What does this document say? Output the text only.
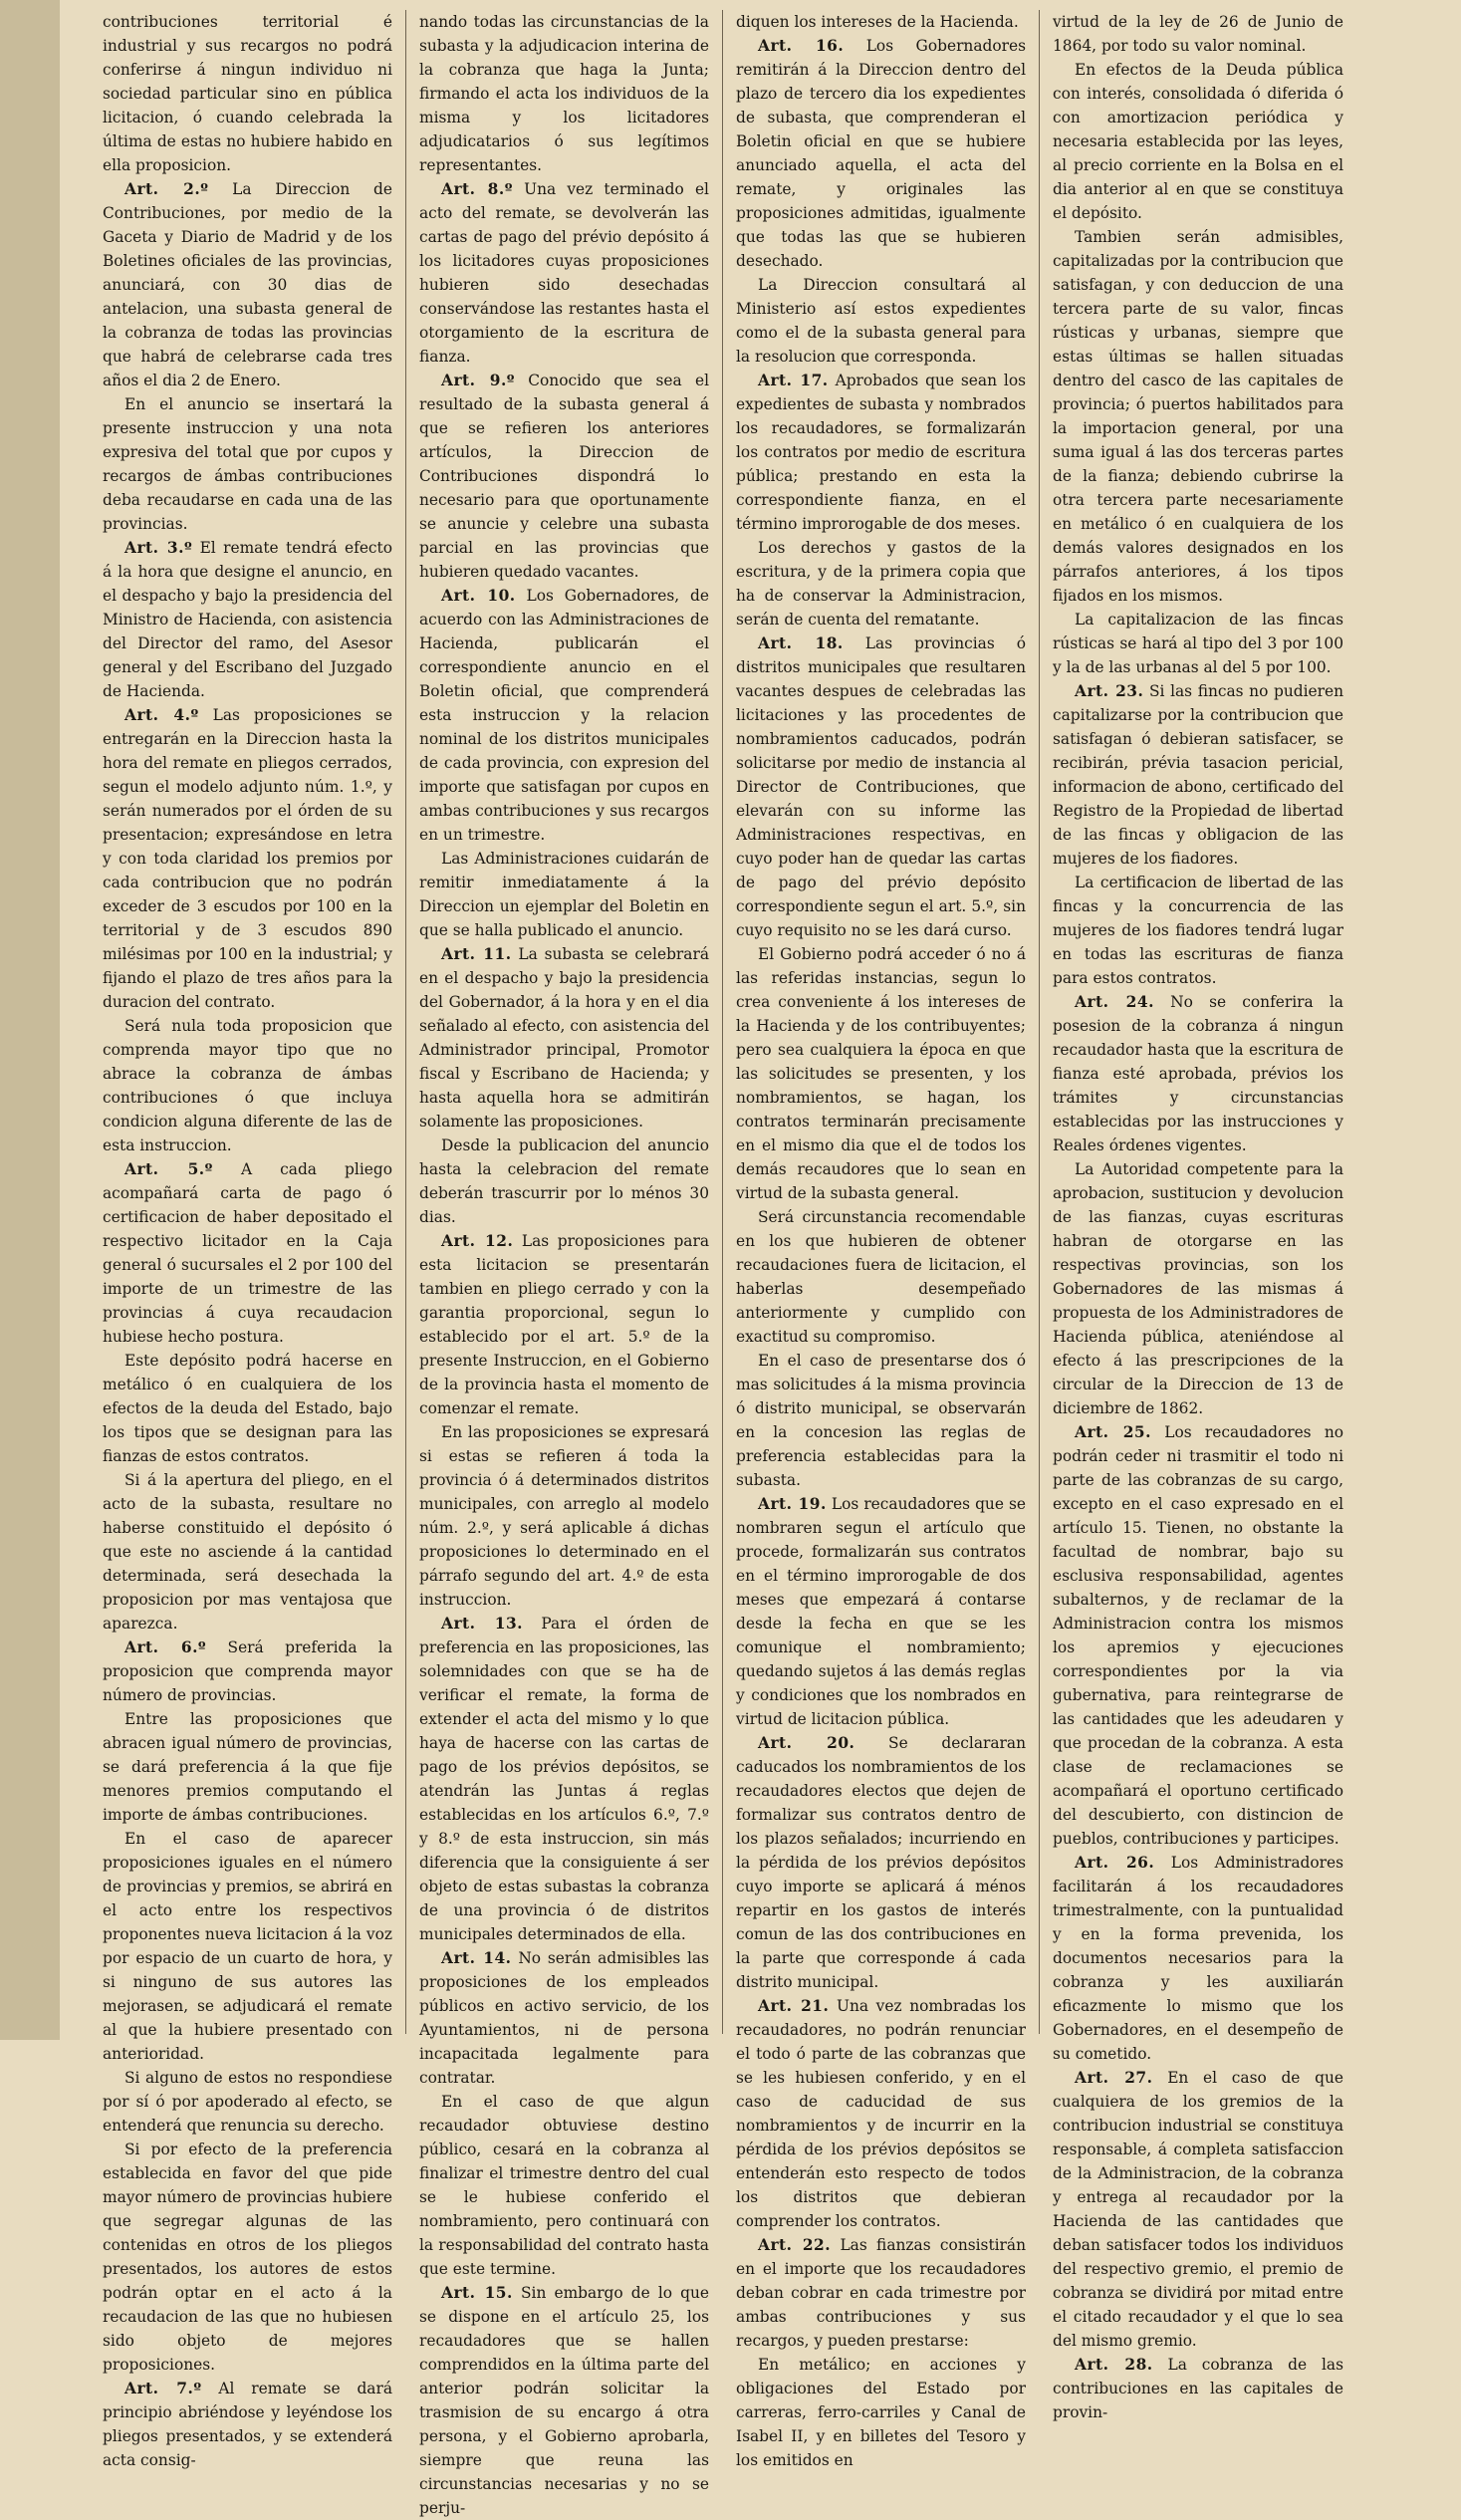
contribuciones territorial é industrial y sus recargos no podrá conferirse á ningun individuo ni sociedad particular sino en pública licitacion, ó cuando celebrada la última de estas no hubiere habido en ella proposicion.

Art. 2.º La Direccion de Contribuciones, por medio de la Gaceta y Diario de Madrid y de los Boletines oficiales de las provincias, anunciará, con 30 dias de antelacion, una subasta general de la cobranza de todas las provincias que habrá de celebrarse cada tres años el dia 2 de Enero.

En el anuncio se insertará la presente instruccion y una nota expresiva del total que por cupos y recargos de ámbas contribuciones deba recaudarse en cada una de las provincias.

Art. 3.º El remate tendrá efecto á la hora que designe el anuncio, en el despacho y bajo la presidencia del Ministro de Hacienda, con asistencia del Director del ramo, del Asesor general y del Escribano del Juzgado de Hacienda.

Art. 4.º Las proposiciones se entregarán en la Direccion hasta la hora del remate en pliegos cerrados, segun el modelo adjunto núm. 1.º, y serán numerados por el órden de su presentacion; expresándose en letra y con toda claridad los premios por cada contribucion que no podrán exceder de 3 escudos por 100 en la territorial y de 3 escudos 890 milésimas por 100 en la industrial; y fijando el plazo de tres años para la duracion del contrato.

Será nula toda proposicion que comprenda mayor tipo que no abrace la cobranza de ámbas contribuciones ó que incluya condicion alguna diferente de las de esta instruccion.

Art. 5.º A cada pliego acompañará carta de pago ó certificacion de haber depositado el respectivo licitador en la Caja general ó sucursales el 2 por 100 del importe de un trimestre de las provincias á cuya recaudacion hubiese hecho postura.

Este depósito podrá hacerse en metálico ó en cualquiera de los efectos de la deuda del Estado, bajo los tipos que se designan para las fianzas de estos contratos.

Si á la apertura del pliego, en el acto de la subasta, resultare no haberse constituido el depósito ó que este no asciende á la cantidad determinada, será desechada la proposicion por mas ventajosa que aparezca.

Art. 6.º Será preferida la proposicion que comprenda mayor número de provincias.

Entre las proposiciones que abracen igual número de provincias, se dará preferencia á la que fije menores premios computando el importe de ámbas contribuciones.

En el caso de aparecer proposiciones iguales en el número de provincias y premios, se abrirá en el acto entre los respectivos proponentes nueva licitacion á la voz por espacio de un cuarto de hora, y si ninguno de sus autores las mejorasen, se adjudicará el remate al que la hubiere presentado con anterioridad.

Si alguno de estos no respondiese por sí ó por apoderado al efecto, se entenderá que renuncia su derecho.

Si por efecto de la preferencia establecida en favor del que pide mayor número de provincias hubiere que segregar algunas de las contenidas en otros de los pliegos presentados, los autores de estos podrán optar en el acto á la recaudacion de las que no hubiesen sido objeto de mejores proposiciones.

Art. 7.º Al remate se dará principio abriéndose y leyéndose los pliegos presentados, y se extenderá acta consig-

nando todas las circunstancias de la subasta y la adjudicacion interina de la cobranza que haga la Junta; firmando el acta los individuos de la misma y los licitadores adjudicatarios ó sus legítimos representantes.

Art. 8.º Una vez terminado el acto del remate, se devolverán las cartas de pago del prévio depósito á los licitadores cuyas proposiciones hubieren sido desechadas conservándose las restantes hasta el otorgamiento de la escritura de fianza.

Art. 9.º Conocido que sea el resultado de la subasta general á que se refieren los anteriores artículos, la Direccion de Contribuciones dispondrá lo necesario para que oportunamente se anuncie y celebre una subasta parcial en las provincias que hubieren quedado vacantes.

Art. 10. Los Gobernadores, de acuerdo con las Administraciones de Hacienda, publicarán el correspondiente anuncio en el Boletin oficial, que comprenderá esta instruccion y la relacion nominal de los distritos municipales de cada provincia, con expresion del importe que satisfagan por cupos en ambas contribuciones y sus recargos en un trimestre.

Las Administraciones cuidarán de remitir inmediatamente á la Direccion un ejemplar del Boletin en que se halla publicado el anuncio.

Art. 11. La subasta se celebrará en el despacho y bajo la presidencia del Gobernador, á la hora y en el dia señalado al efecto, con asistencia del Administrador principal, Promotor fiscal y Escribano de Hacienda; y hasta aquella hora se admitirán solamente las proposiciones.

Desde la publicacion del anuncio hasta la celebracion del remate deberán trascurrir por lo ménos 30 dias.

Art. 12. Las proposiciones para esta licitacion se presentarán tambien en pliego cerrado y con la garantia proporcional, segun lo establecido por el art. 5.º de la presente Instruccion, en el Gobierno de la provincia hasta el momento de comenzar el remate.

En las proposiciones se expresará si estas se refieren á toda la provincia ó á determinados distritos municipales, con arreglo al modelo núm. 2.º, y será aplicable á dichas proposiciones lo determinado en el párrafo segundo del art. 4.º de esta instruccion.

Art. 13. Para el órden de preferencia en las proposiciones, las solemnidades con que se ha de verificar el remate, la forma de extender el acta del mismo y lo que haya de hacerse con las cartas de pago de los prévios depósitos, se atendrán las Juntas á reglas establecidas en los artículos 6.º, 7.º y 8.º de esta instruccion, sin más diferencia que la consiguiente á ser objeto de estas subastas la cobranza de una provincia ó de distritos municipales determinados de ella.

Art. 14. No serán admisibles las proposiciones de los empleados públicos en activo servicio, de los Ayuntamientos, ni de persona incapacitada legalmente para contratar.

En el caso de que algun recaudador obtuviese destino público, cesará en la cobranza al finalizar el trimestre dentro del cual se le hubiese conferido el nombramiento, pero continuará con la responsabilidad del contrato hasta que este termine.

Art. 15. Sin embargo de lo que se dispone en el artículo 25, los recaudadores que se hallen comprendidos en la última parte del anterior podrán solicitar la trasmision de su encargo á otra persona, y el Gobierno aprobarla, siempre que reuna las circunstancias necesarias y no se perju-

diquen los intereses de la Hacienda.

Art. 16. Los Gobernadores remitirán á la Direccion dentro del plazo de tercero dia los expedientes de subasta, que comprenderan el Boletin oficial en que se hubiere anunciado aquella, el acta del remate, y originales las proposiciones admitidas, igualmente que todas las que se hubieren desechado.

La Direccion consultará al Ministerio así estos expedientes como el de la subasta general para la resolucion que corresponda.

Art. 17. Aprobados que sean los expedientes de subasta y nombrados los recaudadores, se formalizarán los contratos por medio de escritura pública; prestando en esta la correspondiente fianza, en el término improrogable de dos meses.

Los derechos y gastos de la escritura, y de la primera copia que ha de conservar la Administracion, serán de cuenta del rematante.

Art. 18. Las provincias ó distritos municipales que resultaren vacantes despues de celebradas las licitaciones y las procedentes de nombramientos caducados, podrán solicitarse por medio de instancia al Director de Contribuciones, que elevarán con su informe las Administraciones respectivas, en cuyo poder han de quedar las cartas de pago del prévio depósito correspondiente segun el art. 5.º, sin cuyo requisito no se les dará curso.

El Gobierno podrá acceder ó no á las referidas instancias, segun lo crea conveniente á los intereses de la Hacienda y de los contribuyentes; pero sea cualquiera la época en que las solicitudes se presenten, y los nombramientos, se hagan, los contratos terminarán precisamente en el mismo dia que el de todos los demás recaudores que lo sean en virtud de la subasta general.

Será circunstancia recomendable en los que hubieren de obtener recaudaciones fuera de licitacion, el haberlas desempeñado anteriormente y cumplido con exactitud su compromiso.

En el caso de presentarse dos ó mas solicitudes á la misma provincia ó distrito municipal, se observarán en la concesion las reglas de preferencia establecidas para la subasta.

Art. 19. Los recaudadores que se nombraren segun el artículo que procede, formalizarán sus contratos en el término improrogable de dos meses que empezará á contarse desde la fecha en que se les comunique el nombramiento; quedando sujetos á las demás reglas y condiciones que los nombrados en virtud de licitacion pública.

Art. 20. Se declararan caducados los nombramientos de los recaudadores electos que dejen de formalizar sus contratos dentro de los plazos señalados; incurriendo en la pérdida de los prévios depósitos cuyo importe se aplicará á ménos repartir en los gastos de interés comun de las dos contribuciones en la parte que corresponde á cada distrito municipal.

Art. 21. Una vez nombradas los recaudadores, no podrán renunciar el todo ó parte de las cobranzas que se les hubiesen conferido, y en el caso de caducidad de sus nombramientos y de incurrir en la pérdida de los prévios depósitos se entenderán esto respecto de todos los distritos que debieran comprender los contratos.

Art. 22. Las fianzas consistirán en el importe que los recaudadores deban cobrar en cada trimestre por ambas contribuciones y sus recargos, y pueden prestarse:

En metálico; en acciones y obligaciones del Estado por carreras, ferro-carriles y Canal de Isabel II, y en billetes del Tesoro y los emitidos en

virtud de la ley de 26 de Junio de 1864, por todo su valor nominal.

En efectos de la Deuda pública con interés, consolidada ó diferida ó con amortizacion periódica y necesaria establecida por las leyes, al precio corriente en la Bolsa en el dia anterior al en que se constituya el depósito.

Tambien serán admisibles, capitalizadas por la contribucion que satisfagan, y con deduccion de una tercera parte de su valor, fincas rústicas y urbanas, siempre que estas últimas se hallen situadas dentro del casco de las capitales de provincia; ó puertos habilitados para la importacion general, por una suma igual á las dos terceras partes de la fianza; debiendo cubrirse la otra tercera parte necesariamente en metálico ó en cualquiera de los demás valores designados en los párrafos anteriores, á los tipos fijados en los mismos.

La capitalizacion de las fincas rústicas se hará al tipo del 3 por 100 y la de las urbanas al del 5 por 100.

Art. 23. Si las fincas no pudieren capitalizarse por la contribucion que satisfagan ó debieran satisfacer, se recibirán, prévia tasacion pericial, informacion de abono, certificado del Registro de la Propiedad de libertad de las fincas y obligacion de las mujeres de los fiadores.

La certificacion de libertad de las fincas y la concurrencia de las mujeres de los fiadores tendrá lugar en todas las escrituras de fianza para estos contratos.

Art. 24. No se conferira la posesion de la cobranza á ningun recaudador hasta que la escritura de fianza esté aprobada, prévios los trámites y circunstancias establecidas por las instrucciones y Reales órdenes vigentes.

La Autoridad competente para la aprobacion, sustitucion y devolucion de las fianzas, cuyas escrituras habran de otorgarse en las respectivas provincias, son los Gobernadores de las mismas á propuesta de los Administradores de Hacienda pública, ateniéndose al efecto á las prescripciones de la circular de la Direccion de 13 de diciembre de 1862.

Art. 25. Los recaudadores no podrán ceder ni trasmitir el todo ni parte de las cobranzas de su cargo, excepto en el caso expresado en el artículo 15. Tienen, no obstante la facultad de nombrar, bajo su esclusiva responsabilidad, agentes subalternos, y de reclamar de la Administracion contra los mismos los apremios y ejecuciones correspondientes por la via gubernativa, para reintegrarse de las cantidades que les adeudaren y que procedan de la cobranza. A esta clase de reclamaciones se acompañará el oportuno certificado del descubierto, con distincion de pueblos, contribuciones y participes.

Art. 26. Los Administradores facilitarán á los recaudadores trimestralmente, con la puntualidad y en la forma prevenida, los documentos necesarios para la cobranza y les auxiliarán eficazmente lo mismo que los Gobernadores, en el desempeño de su cometido.

Art. 27. En el caso de que cualquiera de los gremios de la contribucion industrial se constituya responsable, á completa satisfaccion de la Administracion, de la cobranza y entrega al recaudador por la Hacienda de las cantidades que deban satisfacer todos los individuos del respectivo gremio, el premio de cobranza se dividirá por mitad entre el citado recaudador y el que lo sea del mismo gremio.

Art. 28. La cobranza de las contribuciones en las capitales de provin-
